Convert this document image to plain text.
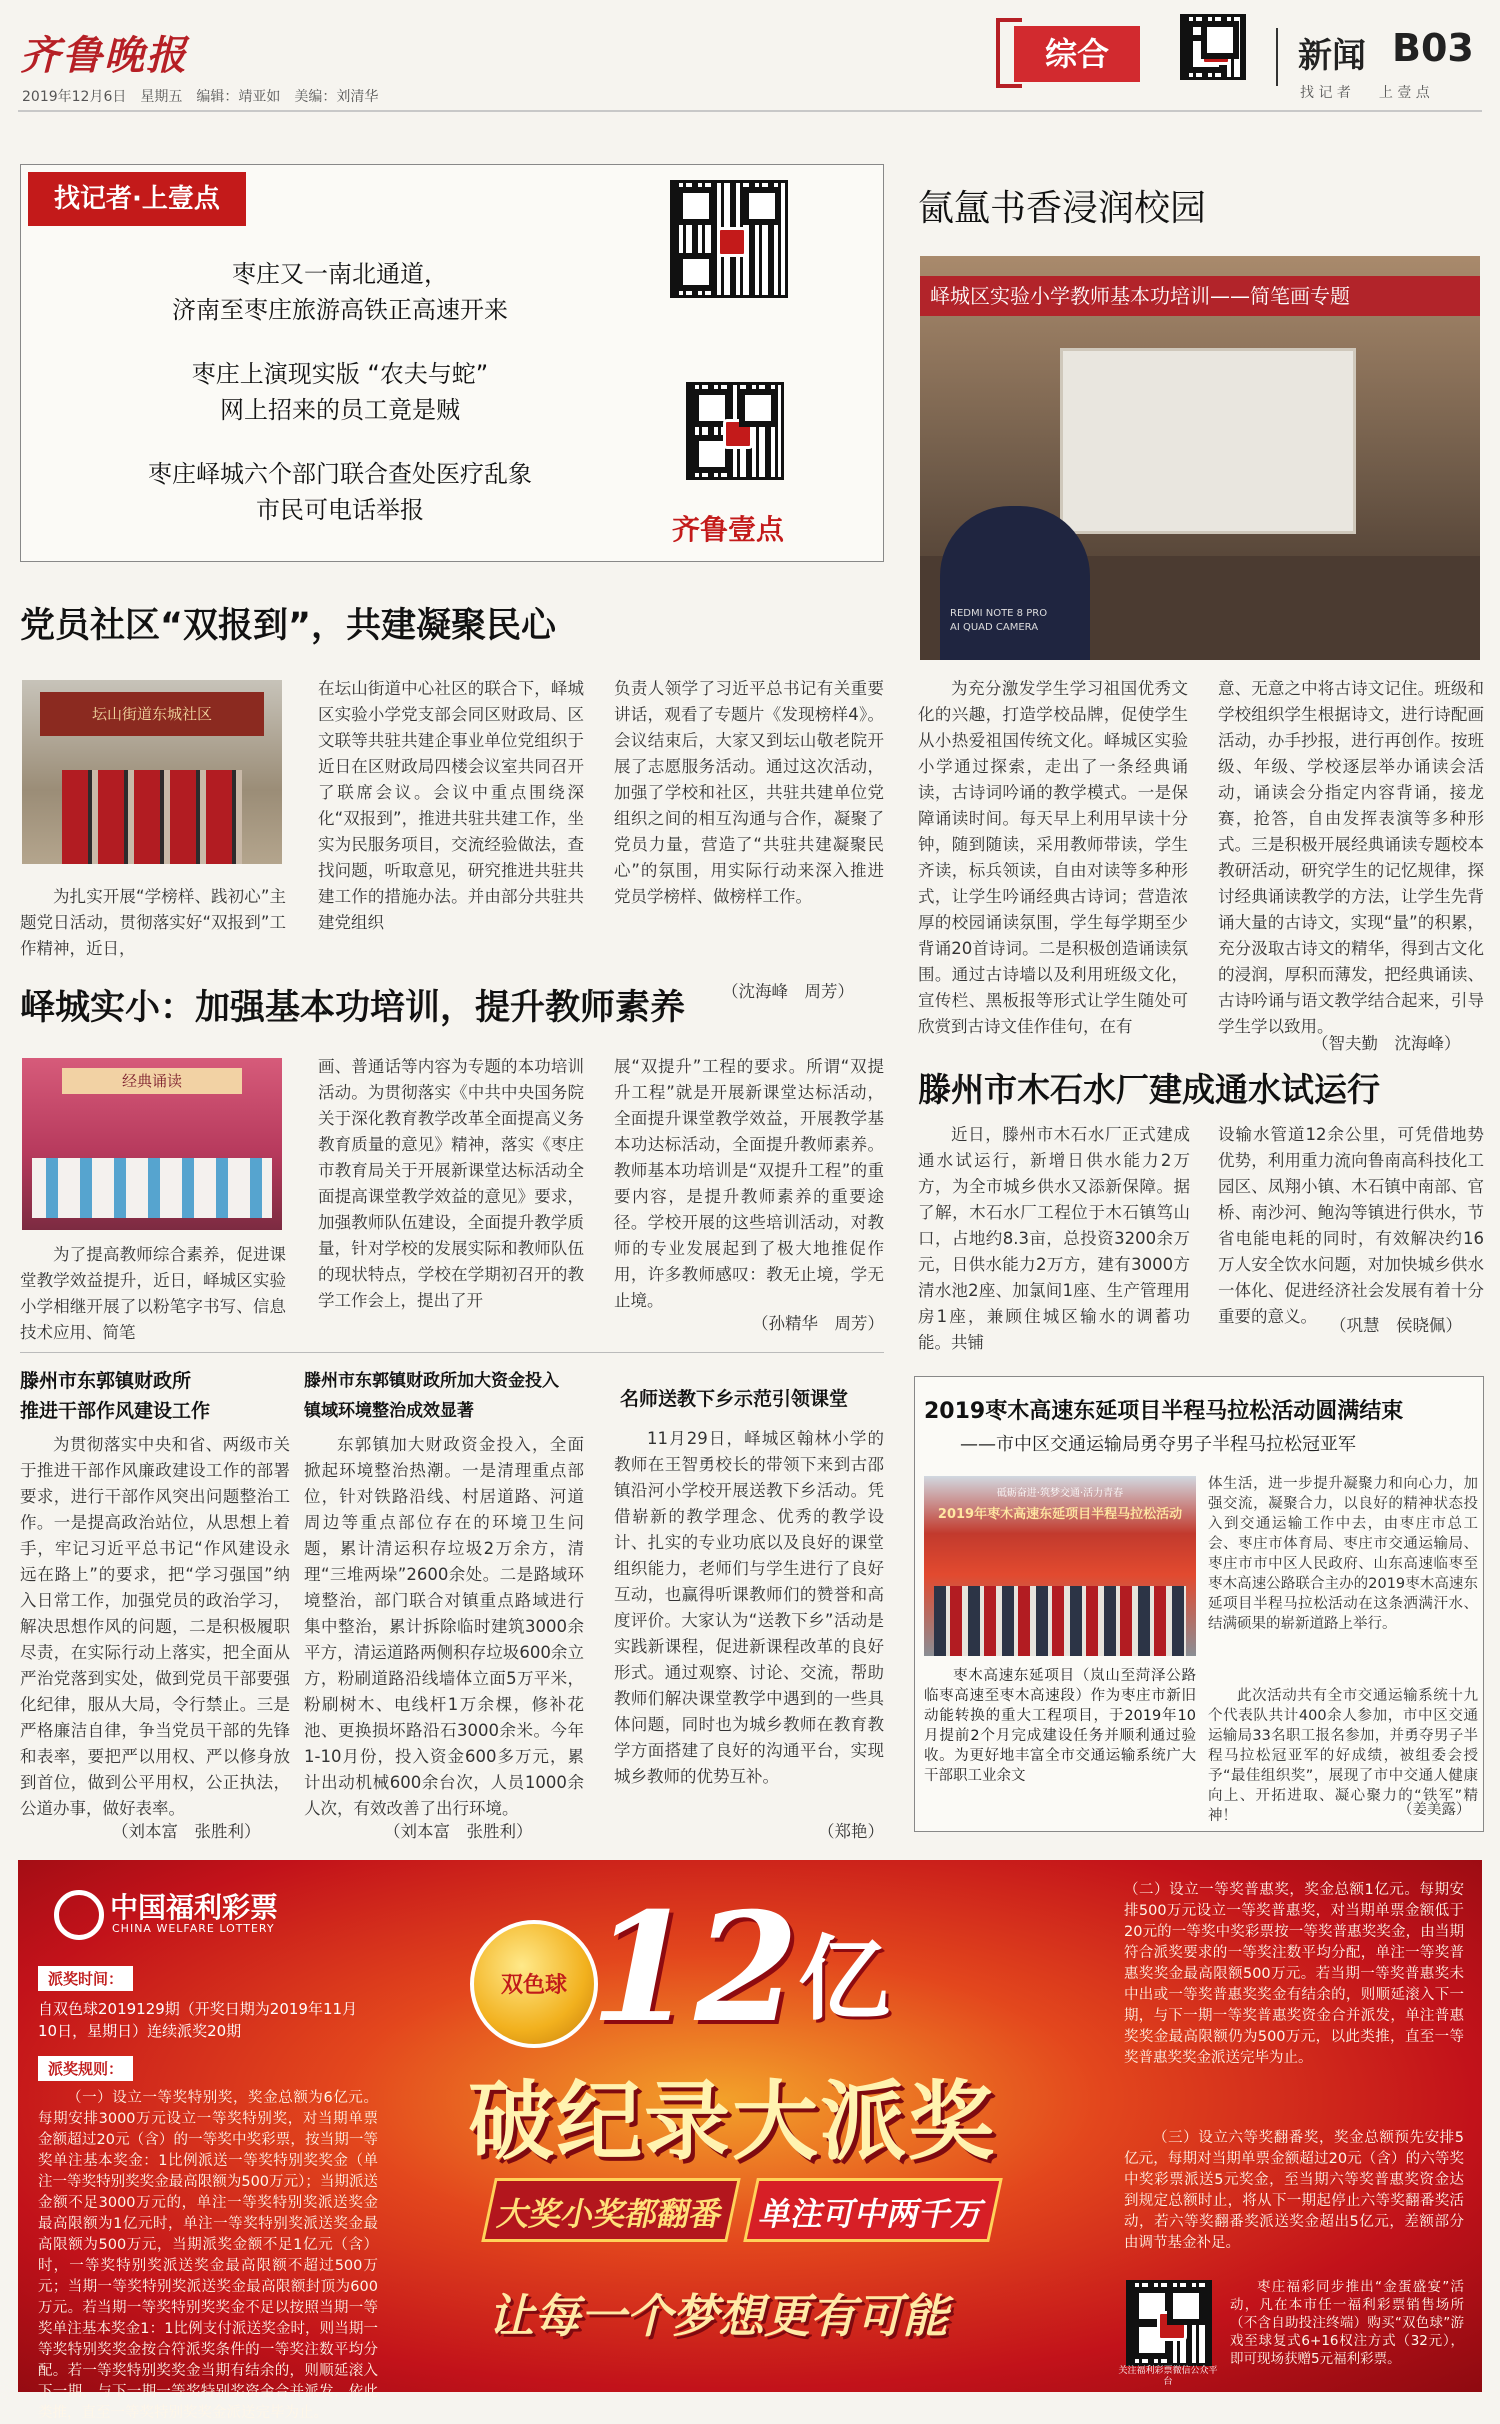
齐鲁晚报
2019年12月6日　星期五　编辑：靖亚如　美编：刘清华
综合	新闻 B03
找 记 者　　上 壹 点
找记者·上壹点
枣庄又一南北通道，
济南至枣庄旅游高铁正高速开来
枣庄上演现实版 “农夫与蛇”
网上招来的员工竟是贼
枣庄峄城六个部门联合查处医疗乱象
市民可电话举报
齐鲁壹点
氤氲书香浸润校园
峄城区实验小学教师基本功培训——简笔画专题
REDMI NOTE 8 PRO
AI QUAD CAMERA

为充分激发学生学习祖国优秀文化的兴趣，打造学校品牌，促使学生从小热爱祖国传统文化。峄城区实验小学通过探索，走出了一条经典诵读，古诗词吟诵的教学模式。一是保障诵读时间。每天早上利用早读十分钟，随到随读，采用教师带读，学生齐读，标兵领读，自由对读等多种形式，让学生吟诵经典古诗词；营造浓厚的校园诵读氛围，学生每学期至少背诵20首诗词。二是积极创造诵读氛围。通过古诗墙以及利用班级文化，宣传栏、黑板报等形式让学生随处可欣赏到古诗文佳作佳句，在有

意、无意之中将古诗文记住。班级和学校组织学生根据诗文，进行诗配画活动，办手抄报，进行再创作。按班级、年级、学校逐层举办诵读会活动，诵读会分指定内容背诵，接龙赛，抢答，自由发挥表演等多种形式。三是积极开展经典诵读专题校本教研活动，研究学生的记忆规律，探讨经典诵读教学的方法，让学生先背诵大量的古诗文，实现“量”的积累，充分汲取古诗文的精华，得到古文化的浸润，厚积而薄发，把经典诵读、古诗吟诵与语文教学结合起来，引导学生学以致用。

（智夫勤　沈海峰）
党员社区“双报到”，共建凝聚民心
坛山街道东城社区

为扎实开展“学榜样、践初心”主题党日活动，贯彻落实好“双报到”工作精神，近日，

在坛山街道中心社区的联合下，峄城区实验小学党支部会同区财政局、区文联等共驻共建企事业单位党组织于近日在区财政局四楼会议室共同召开了联席会议。会议中重点围绕深化“双报到”，推进共驻共建工作，坐实为民服务项目，交流经验做法，查找问题，听取意见，研究推进共驻共建工作的措施办法。并由部分共驻共建党组织

负责人领学了习近平总书记有关重要讲话，观看了专题片《发现榜样4》。会议结束后，大家又到坛山敬老院开展了志愿服务活动。通过这次活动，加强了学校和社区，共驻共建单位党组织之间的相互沟通与合作，凝聚了党员力量，营造了“共驻共建凝聚民心”的氛围，用实际行动来深入推进党员学榜样、做榜样工作。

（沈海峰　周芳）
峄城实小：加强基本功培训，提升教师素养
经典诵读

为了提高教师综合素养，促进课堂教学效益提升，近日，峄城区实验小学相继开展了以粉笔字书写、信息技术应用、简笔

画、普通话等内容为专题的本功培训活动。为贯彻落实《中共中央国务院关于深化教育教学改革全面提高义务教育质量的意见》精神，落实《枣庄市教育局关于开展新课堂达标活动全面提高课堂教学效益的意见》要求，加强教师队伍建设，全面提升教学质量，针对学校的发展实际和教师队伍的现状特点，学校在学期初召开的教学工作会上，提出了开

展“双提升”工程的要求。所谓“双提升工程”就是开展新课堂达标活动，全面提升课堂教学效益，开展教学基本功达标活动，全面提升教师素养。教师基本功培训是“双提升工程”的重要内容，是提升教师素养的重要途径。学校开展的这些培训活动，对教师的专业发展起到了极大地推促作用，许多教师感叹：教无止境，学无止境。

（孙精华　周芳）
滕州市木石水厂建成通水试运行

近日，滕州市木石水厂正式建成通水试运行，新增日供水能力2万方，为全市城乡供水又添新保障。据了解，木石水厂工程位于木石镇笃山口，占地约8.3亩，总投资3200余万元，日供水能力2万方，建有3000方清水池2座、加氯间1座、生产管理用房1座，兼顾住城区输水的调蓄功能。共铺

设输水管道12余公里，可凭借地势优势，利用重力流向鲁南高科技化工园区、凤翔小镇、木石镇中南部、官桥、南沙河、鲍沟等镇进行供水，节省电能电耗的同时，有效解决约16万人安全饮水问题，对加快城乡供水一体化、促进经济社会发展有着十分重要的意义。 （巩慧　侯晓佩）
滕州市东郭镇财政所
推进干部作风建设工作

为贯彻落实中央和省、两级市关于推进干部作风廉政建设工作的部署要求，进行干部作风突出问题整治工作。一是提高政治站位，从思想上着手，牢记习近平总书记“作风建设永远在路上”的要求，把“学习强国”纳入日常工作，加强党员的政治学习，解决思想作风的问题，二是积极履职尽责，在实际行动上落实，把全面从严治党落到实处，做到党员干部要强化纪律，服从大局，令行禁止。三是严格廉洁自律，争当党员干部的先锋和表率，要把严以用权、严以修身放到首位，做到公平用权，公正执法，公道办事，做好表率。

（刘本富　张胜利）
滕州市东郭镇财政所加大资金投入
镇域环境整治成效显著

东郭镇加大财政资金投入，全面掀起环境整治热潮。一是清理重点部位，针对铁路沿线、村居道路、河道周边等重点部位存在的环境卫生问题，累计清运积存垃圾2万余方，清理“三堆两垛”2600余处。二是路域环境整治，部门联合对镇重点路域进行集中整治，累计拆除临时建筑3000余平方，清运道路两侧积存垃圾600余立方，粉刷道路沿线墙体立面5万平米，粉刷树木、电线杆1万余棵，修补花池、更换损坏路沿石3000余米。今年1-10月份，投入资金600多万元，累计出动机械600余台次，人员1000余人次，有效改善了出行环境。

（刘本富　张胜利）
名师送教下乡示范引领课堂

11月29日，峄城区翰林小学的教师在王智勇校长的带领下来到古邵镇沿河小学校开展送教下乡活动。凭借崭新的教学理念、优秀的教学设计、扎实的专业功底以及良好的课堂组织能力，老师们与学生进行了良好互动，也赢得听课教师们的赞誉和高度评价。大家认为“送教下乡”活动是实践新课程，促进新课程改革的良好形式。通过观察、讨论、交流，帮助教师们解决课堂教学中遇到的一些具体问题，同时也为城乡教师在教育教学方面搭建了良好的沟通平台，实现城乡教师的优势互补。

（郑艳）
2019枣木高速东延项目半程马拉松活动圆满结束
——市中区交通运输局勇夺男子半程马拉松冠亚军
砥砺奋进·筑梦交通·活力青春
2019年枣木高速东延项目半程马拉松活动
枣木高速东延项目（岚山至菏泽公路临枣高速至枣木高速段）作为枣庄市新旧动能转换的重大工程项目，于2019年10月提前2个月完成建设任务并顺利通过验收。为更好地丰富全市交通运输系统广大干部职工业余文

体生活，进一步提升凝聚力和向心力，加强交流，凝聚合力，以良好的精神状态投入到交通运输工作中去，由枣庄市总工会、枣庄市体育局、枣庄市交通运输局、枣庄市市中区人民政府、山东高速临枣至枣木高速公路联合主办的2019枣木高速东延项目半程马拉松活动在这条洒满汗水、结满硕果的崭新道路上举行。

此次活动共有全市交通运输系统十九个代表队共计400余人参加，市中区交通运输局33名职工报名参加，并勇夺男子半程马拉松冠亚军的好成绩，被组委会授予“最佳组织奖”，展现了市中交通人健康向上、开拓进取、凝心聚力的“铁军”精神！	（姜美露）
中国福利彩票
CHINA WELFARE LOTTERY
派奖时间：
自双色球2019129期（开奖日期为2019年11月10日，星期日）连续派奖20期
派奖规则：

（一）设立一等奖特别奖，奖金总额为6亿元。每期安排3000万元设立一等奖特别奖，对当期单票金额超过20元（含）的一等奖中奖彩票，按当期一等奖单注基本奖金：1比例派送一等奖特别奖奖金（单注一等奖特别奖奖金最高限额为500万元）；当期派送金额不足3000万元的，单注一等奖特别奖派送奖金最高限额为1亿元时，单注一等奖特别奖派送奖金最高限额为500万元，当期派奖金额不足1亿元（含）时，一等奖特别奖派送奖金最高限额不超过500万元；当期一等奖特别奖派送奖金最高限额封顶为600万元。若当期一等奖特别奖奖金不足以按照当期一等奖单注基本奖金1：1比例支付派送奖金时，则当期一等奖特别奖奖金按合符派奖条件的一等奖注数平均分配。若一等奖特别奖奖金当期有结余的，则顺延滚入下一期，与下一期一等奖特别奖资金合并派发，依此类推，直至一等奖特别奖奖金派送完毕为止。

双色球 12 亿
破纪录大派奖
大奖小奖都翻番 单注可中两千万
让每一个梦想更有可能

（二）设立一等奖普惠奖，奖金总额1亿元。每期安排500万元设立一等奖普惠奖，对当期单票金额低于20元的一等奖中奖彩票按一等奖普惠奖奖金，由当期符合派奖要求的一等奖注数平均分配，单注一等奖普惠奖奖金最高限额500万元。若当期一等奖普惠奖未中出或一等奖普惠奖奖金有结余的，则顺延滚入下一期，与下一期一等奖普惠奖资金合并派发，单注普惠奖奖金最高限额仍为500万元，以此类推，直至一等奖普惠奖奖金派送完毕为止。

（三）设立六等奖翻番奖，奖金总额预先安排5亿元，每期对当期单票金额超过20元（含）的六等奖中奖彩票派送5元奖金，至当期六等奖普惠奖资金达到规定总额时止，将从下一期起停止六等奖翻番奖活动，若六等奖翻番奖派送奖金超出5亿元，差额部分由调节基金补足。

关注福利彩票微信公众平台

枣庄福彩同步推出“金蛋盛宴”活动，凡在本市任一福利彩票销售场所（不含自助投注终端）购买“双色球”游戏至球复式6+16权注方式（32元），即可现场获赠5元福利彩票。
